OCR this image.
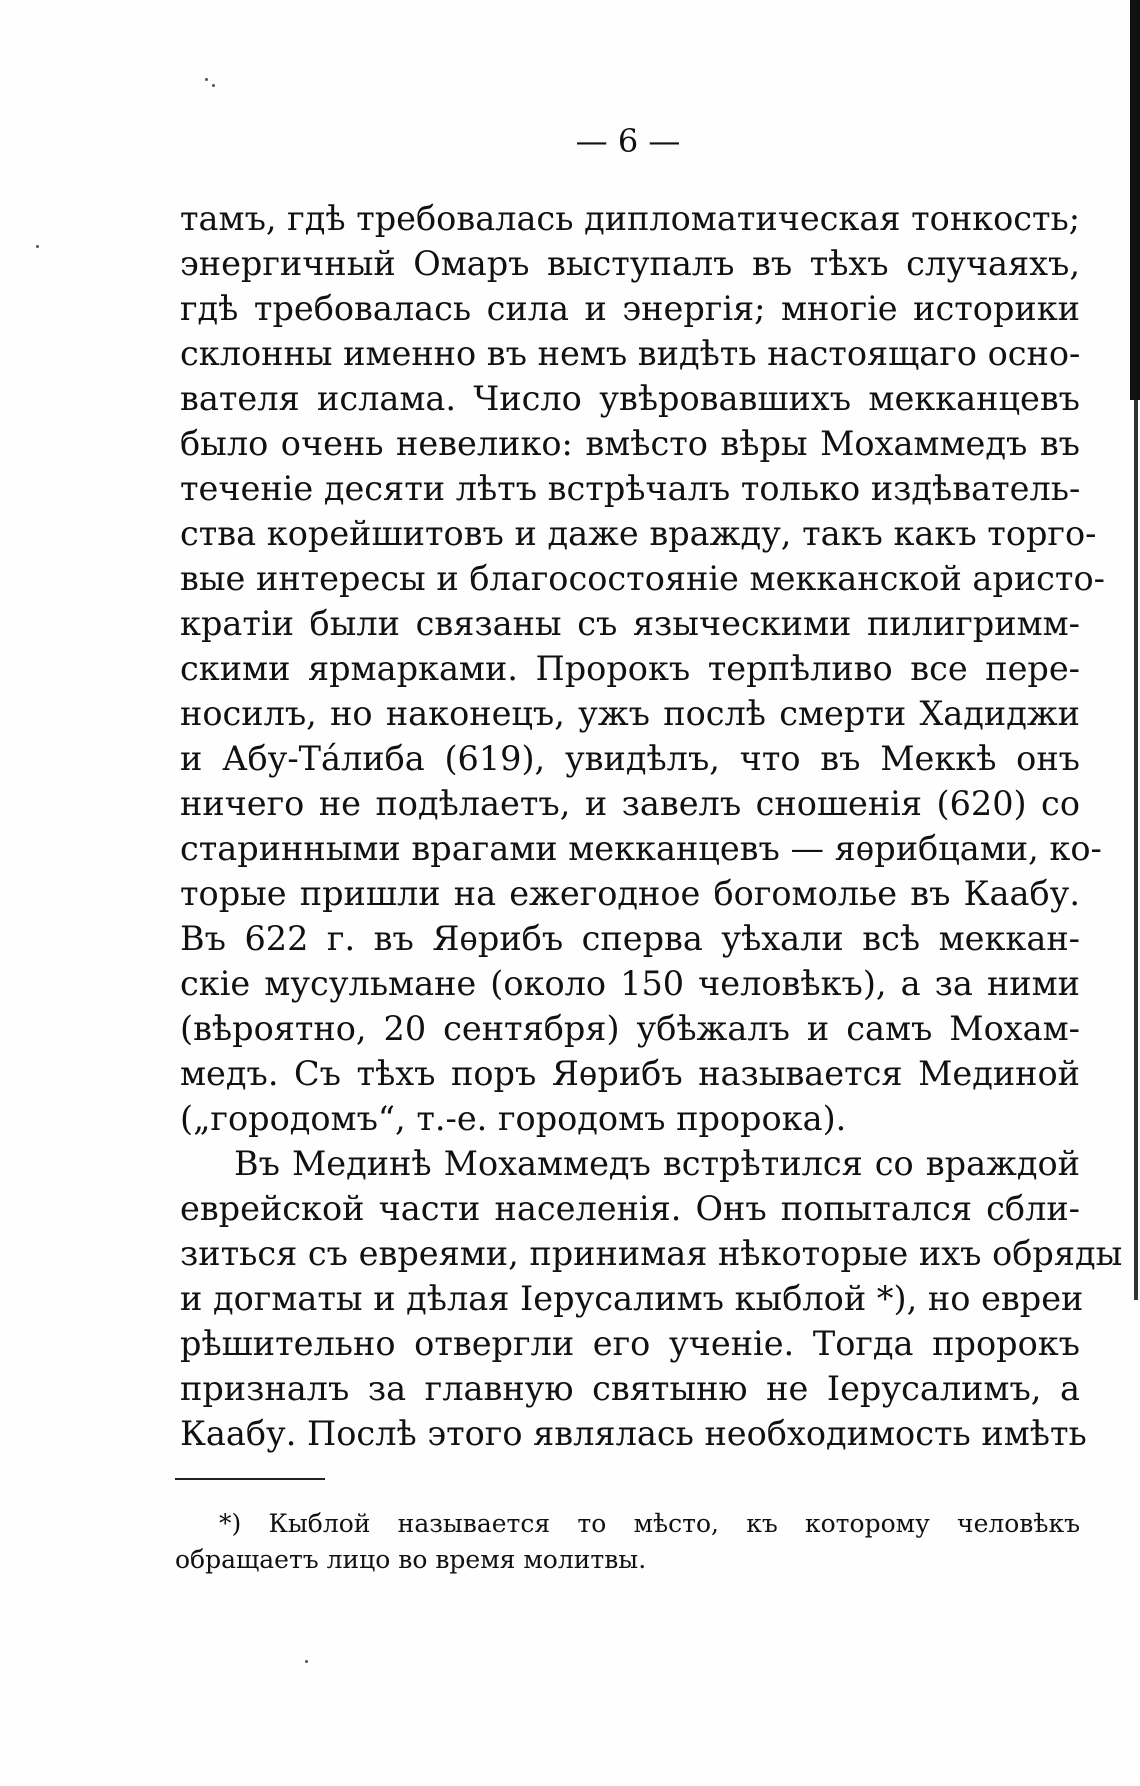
— 6 —
тамъ, гдѣ требовалась дипломатическая тонкость;
энергичный Омаръ выступалъ въ тѣхъ случаяхъ,
гдѣ требовалась сила и энергія; многіе историки
склонны именно въ немъ видѣть настоящаго осно-
вателя ислама. Число увѣровавшихъ мекканцевъ
было очень невелико: вмѣсто вѣры Мохаммедъ въ
теченіе десяти лѣтъ встрѣчалъ только издѣватель-
ства корейшитовъ и даже вражду, такъ какъ торго-
вые интересы и благосостояніе мекканской аристо-
кратіи были связаны съ языческими пилигримм-
скими ярмарками. Пророкъ терпѣливо все пере-
носилъ, но наконецъ, ужъ послѣ смерти Хадиджи
и Абу-Та́либа (619), увидѣлъ, что въ Меккѣ онъ
ничего не подѣлаетъ, и завелъ сношенія (620) со
старинными врагами мекканцевъ — яѳрибцами, ко-
торые пришли на ежегодное богомолье въ Каабу.
Въ 622 г. въ Яѳрибъ сперва уѣхали всѣ меккан-
скіе мусульмане (около 150 человѣкъ), а за ними
(вѣроятно, 20 сентября) убѣжалъ и самъ Мохам-
медъ. Съ тѣхъ поръ Яѳрибъ называется Мединой
(„городомъ“, т.-е. городомъ пророка).
Въ Мединѣ Мохаммедъ встрѣтился со враждой
еврейской части населенія. Онъ попытался сбли-
зиться съ евреями, принимая нѣкоторые ихъ обряды
и догматы и дѣлая Іерусалимъ кыблой *), но евреи
рѣшительно отвергли его ученіе. Тогда пророкъ
призналъ за главную святыню не Іерусалимъ, а
Каабу. Послѣ этого являлась необходимость имѣть
*) Кыблой называется то мѣсто, къ которому человѣкъ
обращаетъ лицо во время молитвы.
